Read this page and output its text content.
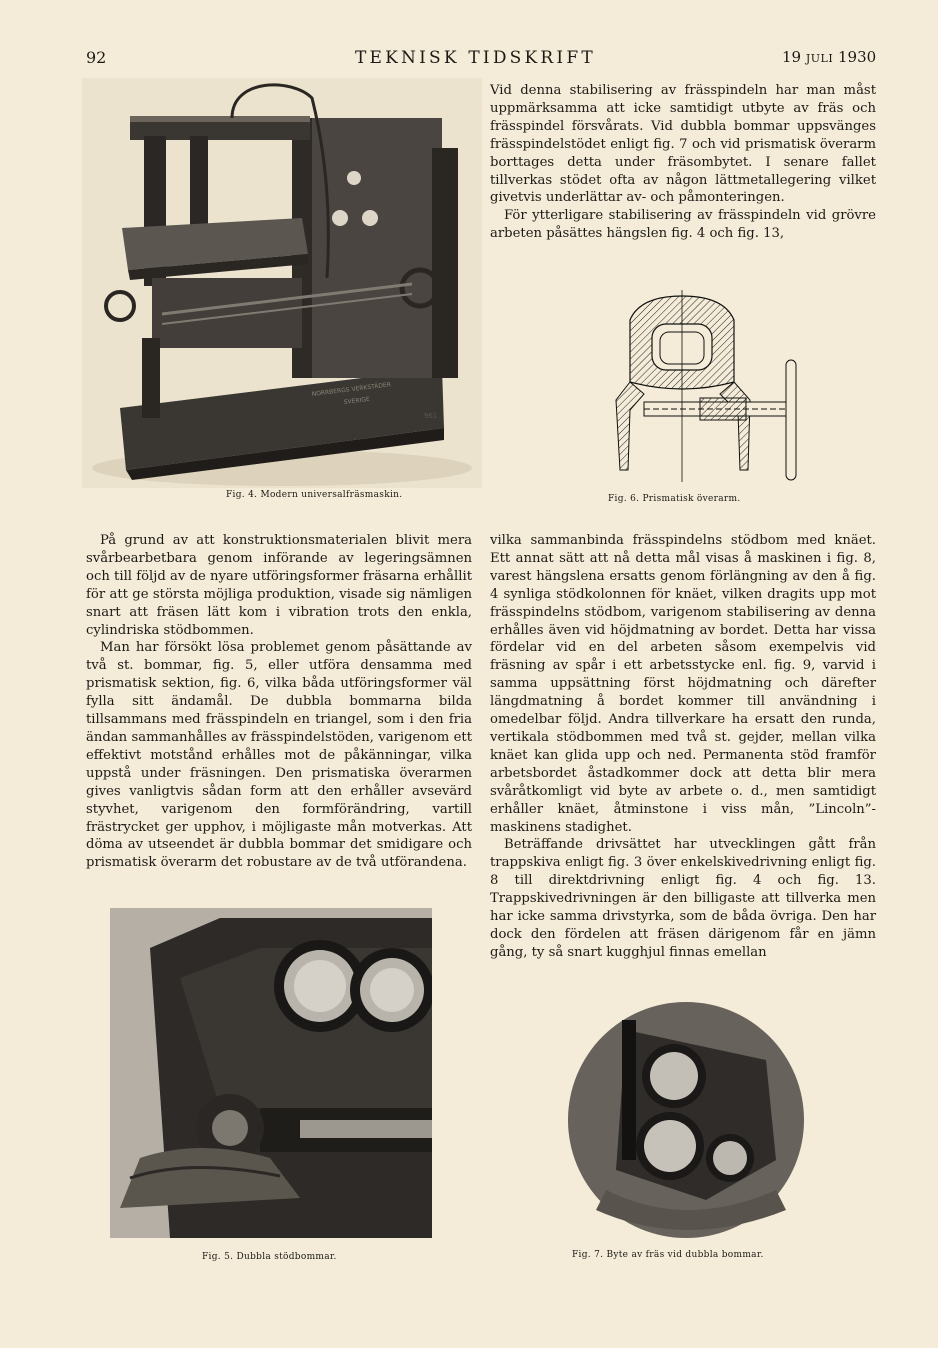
92	TEKNISK TIDSKRIFT	19 JULI 1930
NORRBERGS VERKSTÄDER
SVERIGE
961

Vid denna stabilisering av frässpindeln har man måst uppmärksamma att icke samtidigt utbyte av fräs och frässpindel försvårats. Vid dubbla bommar uppsvänges frässpindelstödet enligt fig. 7 och vid prismatisk överarm borttages detta under fräsombytet. I senare fallet tillverkas stödet ofta av någon lättmetallegering vilket givetvis underlättar av- och påmonteringen.

För ytterligare stabilisering av frässpindeln vid grövre arbeten påsättes hängslen fig. 4 och fig. 13,

Fig. 4. Modern universalfräsmaskin.	Fig. 6. Prismatisk överarm.

På grund av att konstruktionsmaterialen blivit mera svårbearbetbara genom införande av legeringsämnen och till följd av de nyare utföringsformer fräsarna erhållit för att ge största möjliga produktion, visade sig nämligen snart att fräsen lätt kom i vibration trots den enkla, cylindriska stödbommen.

Man har försökt lösa problemet genom påsättande av två st. bommar, fig. 5, eller utföra densamma med prismatisk sektion, fig. 6, vilka båda utföringsformer väl fylla sitt ändamål. De dubbla bommarna bilda tillsammans med frässpindeln en triangel, som i den fria ändan sammanhålles av frässpindelstöden, varigenom ett effektivt motstånd erhålles mot de påkänningar, vilka uppstå under fräsningen. Den prismatiska överarmen gives vanligtvis sådan form att den erhåller avsevärd styvhet, varigenom den formförändring, vartill frästrycket ger upphov, i möjligaste mån motverkas. Att döma av utseendet är dubbla bommar det smidigare och prismatisk överarm det robustare av de två utförandena.

vilka sammanbinda frässpindelns stödbom med knäet. Ett annat sätt att nå detta mål visas å maskinen i fig. 8, varest hängslena ersatts genom förlängning av den å fig. 4 synliga stödkolonnen för knäet, vilken dragits upp mot frässpindelns stödbom, varigenom stabilisering av denna erhålles även vid höjdmatning av bordet. Detta har vissa fördelar vid en del arbeten såsom exempelvis vid fräsning av spår i ett arbetsstycke enl. fig. 9, varvid i samma uppsättning först höjdmatning och därefter längdmatning å bordet kommer till användning i omedelbar följd. Andra tillverkare ha ersatt den runda, vertikala stödbommen med två st. gejder, mellan vilka knäet kan glida upp och ned. Permanenta stöd framför arbetsbordet åstadkommer dock att detta blir mera svåråtkomligt vid byte av arbete o. d., men samtidigt erhåller knäet, åtminstone i viss mån, ”Lincoln”-maskinens stadighet.

Beträffande drivsättet har utvecklingen gått från trappskiva enligt fig. 3 över enkelskivedrivning enligt fig. 8 till direktdrivning enligt fig. 4 och fig. 13. Trappskivedrivningen är den billigaste att tillverka men har icke samma drivstyrka, som de båda övriga. Den har dock den fördelen att fräsen därigenom får en jämn gång, ty så snart kugghjul finnas emellan

Fig. 5. Dubbla stödbommar.	Fig. 7. Byte av fräs vid dubbla bommar.
